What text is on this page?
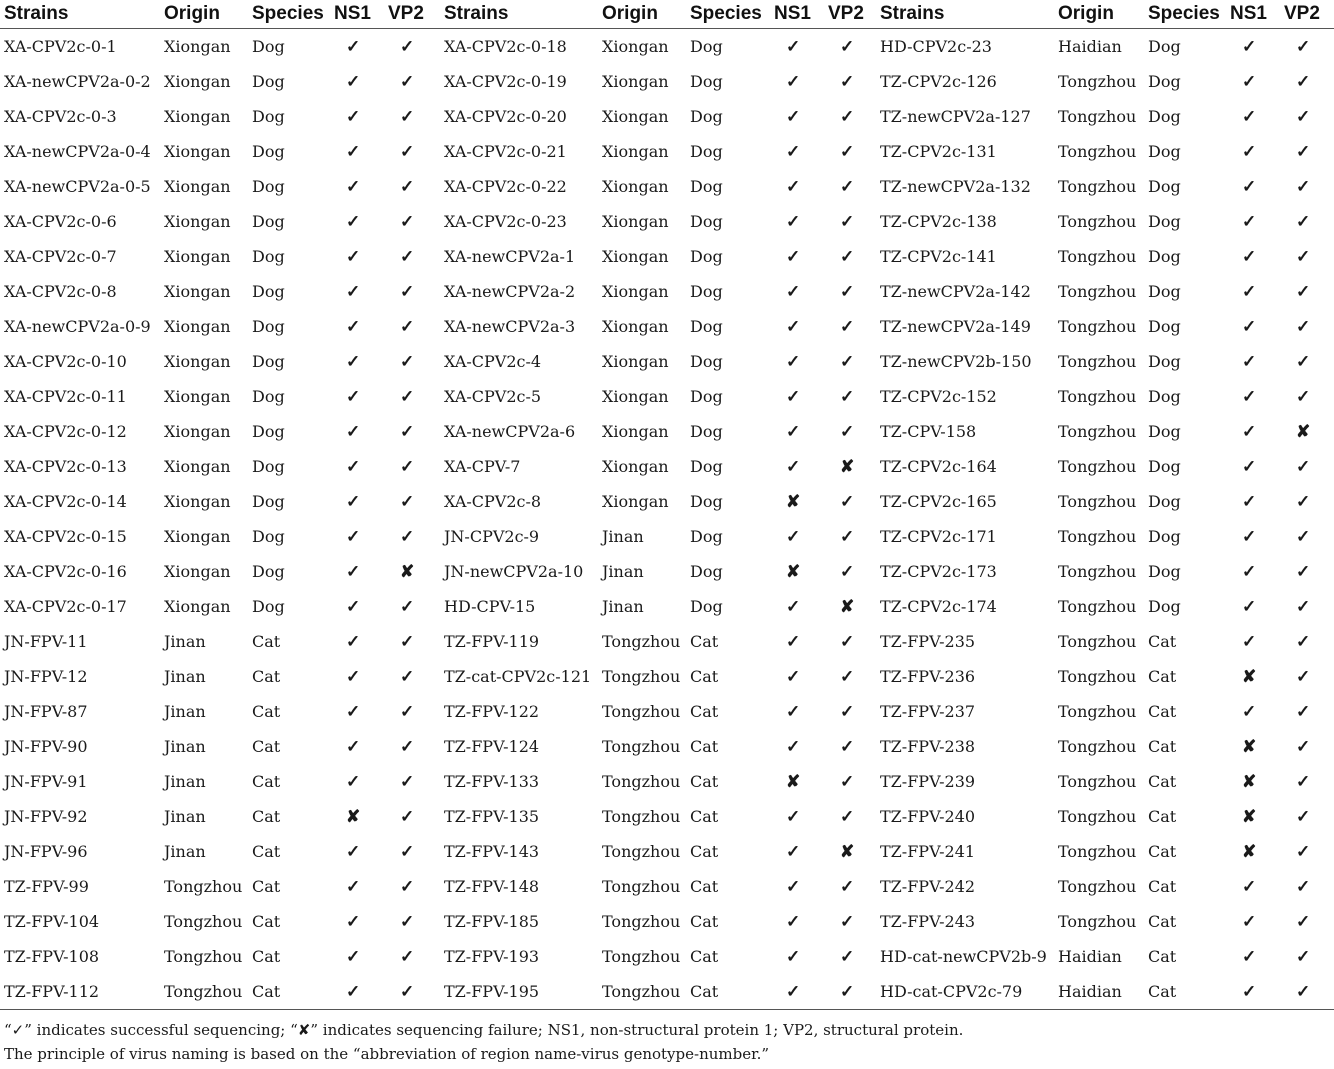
Strains	Origin	Species	NS1	VP2	Strains	Origin	Species	NS1	VP2	Strains	Origin	Species	NS1	VP2
XA-CPV2c-0-1	Xiongan	Dog	✓	✓	XA-CPV2c-0-18	Xiongan	Dog	✓	✓	HD-CPV2c-23	Haidian	Dog	✓	✓
XA-newCPV2a-0-2	Xiongan	Dog	✓	✓	XA-CPV2c-0-19	Xiongan	Dog	✓	✓	TZ-CPV2c-126	Tongzhou	Dog	✓	✓
XA-CPV2c-0-3	Xiongan	Dog	✓	✓	XA-CPV2c-0-20	Xiongan	Dog	✓	✓	TZ-newCPV2a-127	Tongzhou	Dog	✓	✓
XA-newCPV2a-0-4	Xiongan	Dog	✓	✓	XA-CPV2c-0-21	Xiongan	Dog	✓	✓	TZ-CPV2c-131	Tongzhou	Dog	✓	✓
XA-newCPV2a-0-5	Xiongan	Dog	✓	✓	XA-CPV2c-0-22	Xiongan	Dog	✓	✓	TZ-newCPV2a-132	Tongzhou	Dog	✓	✓
XA-CPV2c-0-6	Xiongan	Dog	✓	✓	XA-CPV2c-0-23	Xiongan	Dog	✓	✓	TZ-CPV2c-138	Tongzhou	Dog	✓	✓
XA-CPV2c-0-7	Xiongan	Dog	✓	✓	XA-newCPV2a-1	Xiongan	Dog	✓	✓	TZ-CPV2c-141	Tongzhou	Dog	✓	✓
XA-CPV2c-0-8	Xiongan	Dog	✓	✓	XA-newCPV2a-2	Xiongan	Dog	✓	✓	TZ-newCPV2a-142	Tongzhou	Dog	✓	✓
XA-newCPV2a-0-9	Xiongan	Dog	✓	✓	XA-newCPV2a-3	Xiongan	Dog	✓	✓	TZ-newCPV2a-149	Tongzhou	Dog	✓	✓
XA-CPV2c-0-10	Xiongan	Dog	✓	✓	XA-CPV2c-4	Xiongan	Dog	✓	✓	TZ-newCPV2b-150	Tongzhou	Dog	✓	✓
XA-CPV2c-0-11	Xiongan	Dog	✓	✓	XA-CPV2c-5	Xiongan	Dog	✓	✓	TZ-CPV2c-152	Tongzhou	Dog	✓	✓
XA-CPV2c-0-12	Xiongan	Dog	✓	✓	XA-newCPV2a-6	Xiongan	Dog	✓	✓	TZ-CPV-158	Tongzhou	Dog	✓	✘
XA-CPV2c-0-13	Xiongan	Dog	✓	✓	XA-CPV-7	Xiongan	Dog	✓	✘	TZ-CPV2c-164	Tongzhou	Dog	✓	✓
XA-CPV2c-0-14	Xiongan	Dog	✓	✓	XA-CPV2c-8	Xiongan	Dog	✘	✓	TZ-CPV2c-165	Tongzhou	Dog	✓	✓
XA-CPV2c-0-15	Xiongan	Dog	✓	✓	JN-CPV2c-9	Jinan	Dog	✓	✓	TZ-CPV2c-171	Tongzhou	Dog	✓	✓
XA-CPV2c-0-16	Xiongan	Dog	✓	✘	JN-newCPV2a-10	Jinan	Dog	✘	✓	TZ-CPV2c-173	Tongzhou	Dog	✓	✓
XA-CPV2c-0-17	Xiongan	Dog	✓	✓	HD-CPV-15	Jinan	Dog	✓	✘	TZ-CPV2c-174	Tongzhou	Dog	✓	✓
JN-FPV-11	Jinan	Cat	✓	✓	TZ-FPV-119	Tongzhou	Cat	✓	✓	TZ-FPV-235	Tongzhou	Cat	✓	✓
JN-FPV-12	Jinan	Cat	✓	✓	TZ-cat-CPV2c-121	Tongzhou	Cat	✓	✓	TZ-FPV-236	Tongzhou	Cat	✘	✓
JN-FPV-87	Jinan	Cat	✓	✓	TZ-FPV-122	Tongzhou	Cat	✓	✓	TZ-FPV-237	Tongzhou	Cat	✓	✓
JN-FPV-90	Jinan	Cat	✓	✓	TZ-FPV-124	Tongzhou	Cat	✓	✓	TZ-FPV-238	Tongzhou	Cat	✘	✓
JN-FPV-91	Jinan	Cat	✓	✓	TZ-FPV-133	Tongzhou	Cat	✘	✓	TZ-FPV-239	Tongzhou	Cat	✘	✓
JN-FPV-92	Jinan	Cat	✘	✓	TZ-FPV-135	Tongzhou	Cat	✓	✓	TZ-FPV-240	Tongzhou	Cat	✘	✓
JN-FPV-96	Jinan	Cat	✓	✓	TZ-FPV-143	Tongzhou	Cat	✓	✘	TZ-FPV-241	Tongzhou	Cat	✘	✓
TZ-FPV-99	Tongzhou	Cat	✓	✓	TZ-FPV-148	Tongzhou	Cat	✓	✓	TZ-FPV-242	Tongzhou	Cat	✓	✓
TZ-FPV-104	Tongzhou	Cat	✓	✓	TZ-FPV-185	Tongzhou	Cat	✓	✓	TZ-FPV-243	Tongzhou	Cat	✓	✓
TZ-FPV-108	Tongzhou	Cat	✓	✓	TZ-FPV-193	Tongzhou	Cat	✓	✓	HD-cat-newCPV2b-9	Haidian	Cat	✓	✓
TZ-FPV-112	Tongzhou	Cat	✓	✓	TZ-FPV-195	Tongzhou	Cat	✓	✓	HD-cat-CPV2c-79	Haidian	Cat	✓	✓

“✓” indicates successful sequencing; “✘” indicates sequencing failure; NS1, non-structural protein 1; VP2, structural protein.

The principle of virus naming is based on the “abbreviation of region name-virus genotype-number.”
